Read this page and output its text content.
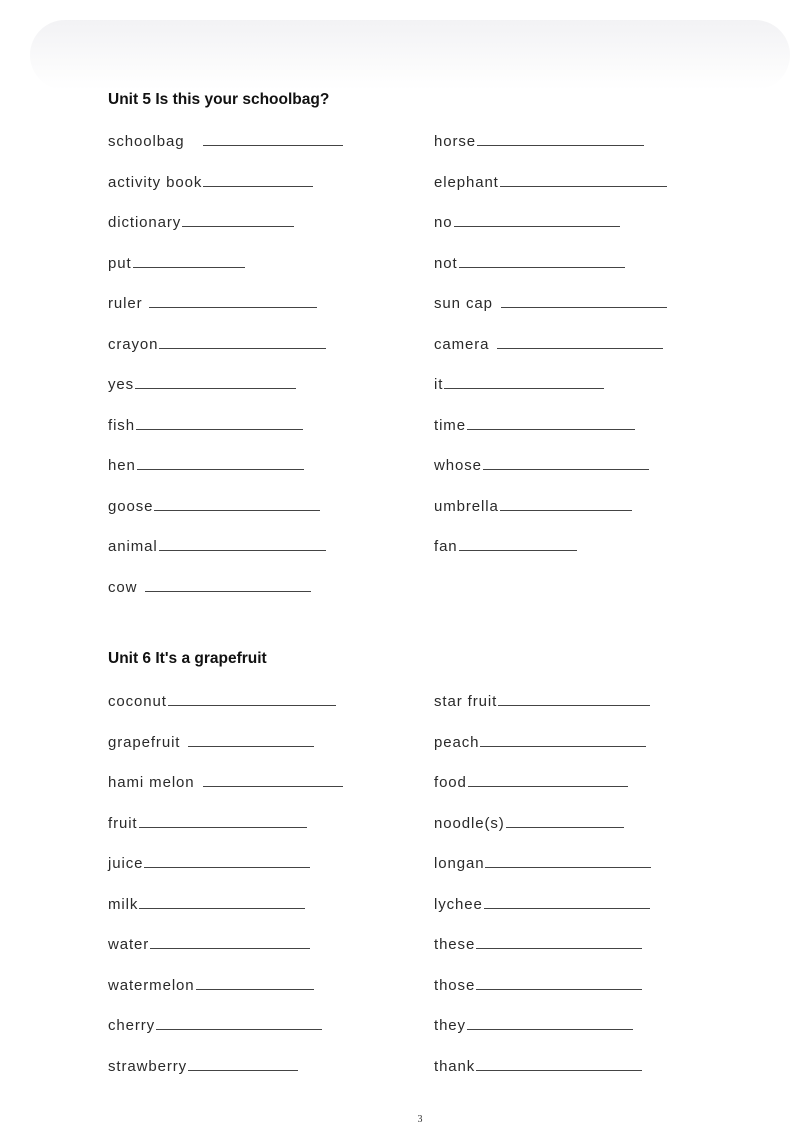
Unit 5 Is this your schoolbag?
schoolbag
activity book
dictionary
put
ruler
crayon
yes
fish
hen
goose
animal
cow
horse
elephant
no
not
sun cap
camera
it
time
whose
umbrella
fan
Unit 6 It's a grapefruit
coconut
grapefruit
hami melon
fruit
juice
milk
water
watermelon
cherry
strawberry
star fruit
peach
food
noodle(s)
longan
lychee
these
those
they
thank
3
